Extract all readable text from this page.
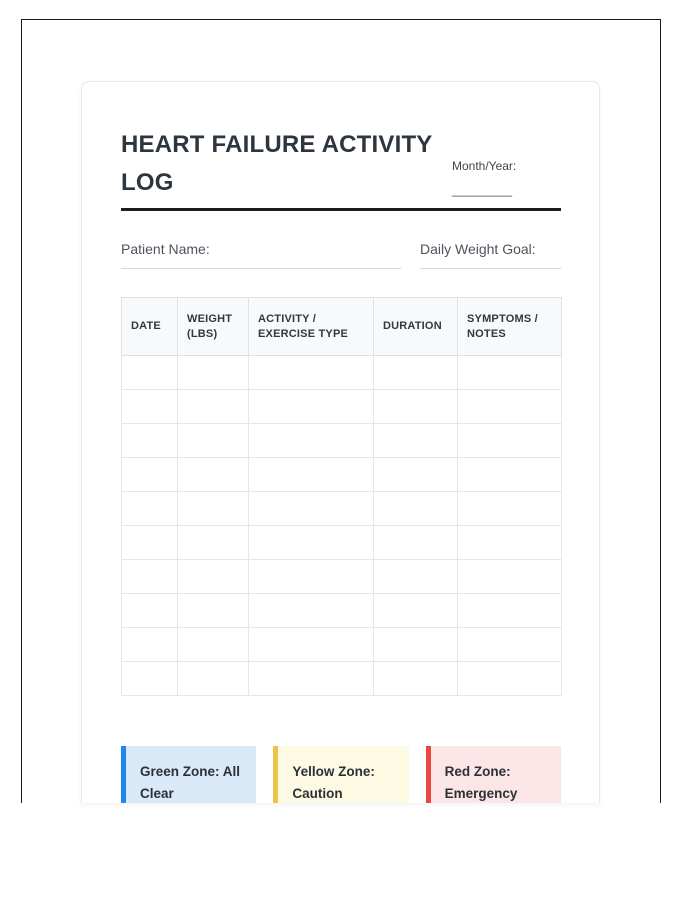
HEART FAILURE ACTIVITY LOG
Month/Year:
_________
Patient Name:	Daily Weight Goal:
DATE	WEIGHT (LBS)	ACTIVITY / EXERCISE TYPE	DURATION	SYMPTOMS / NOTES

Green Zone: All Clear
Yellow Zone: Caution
Red Zone: Emergency
